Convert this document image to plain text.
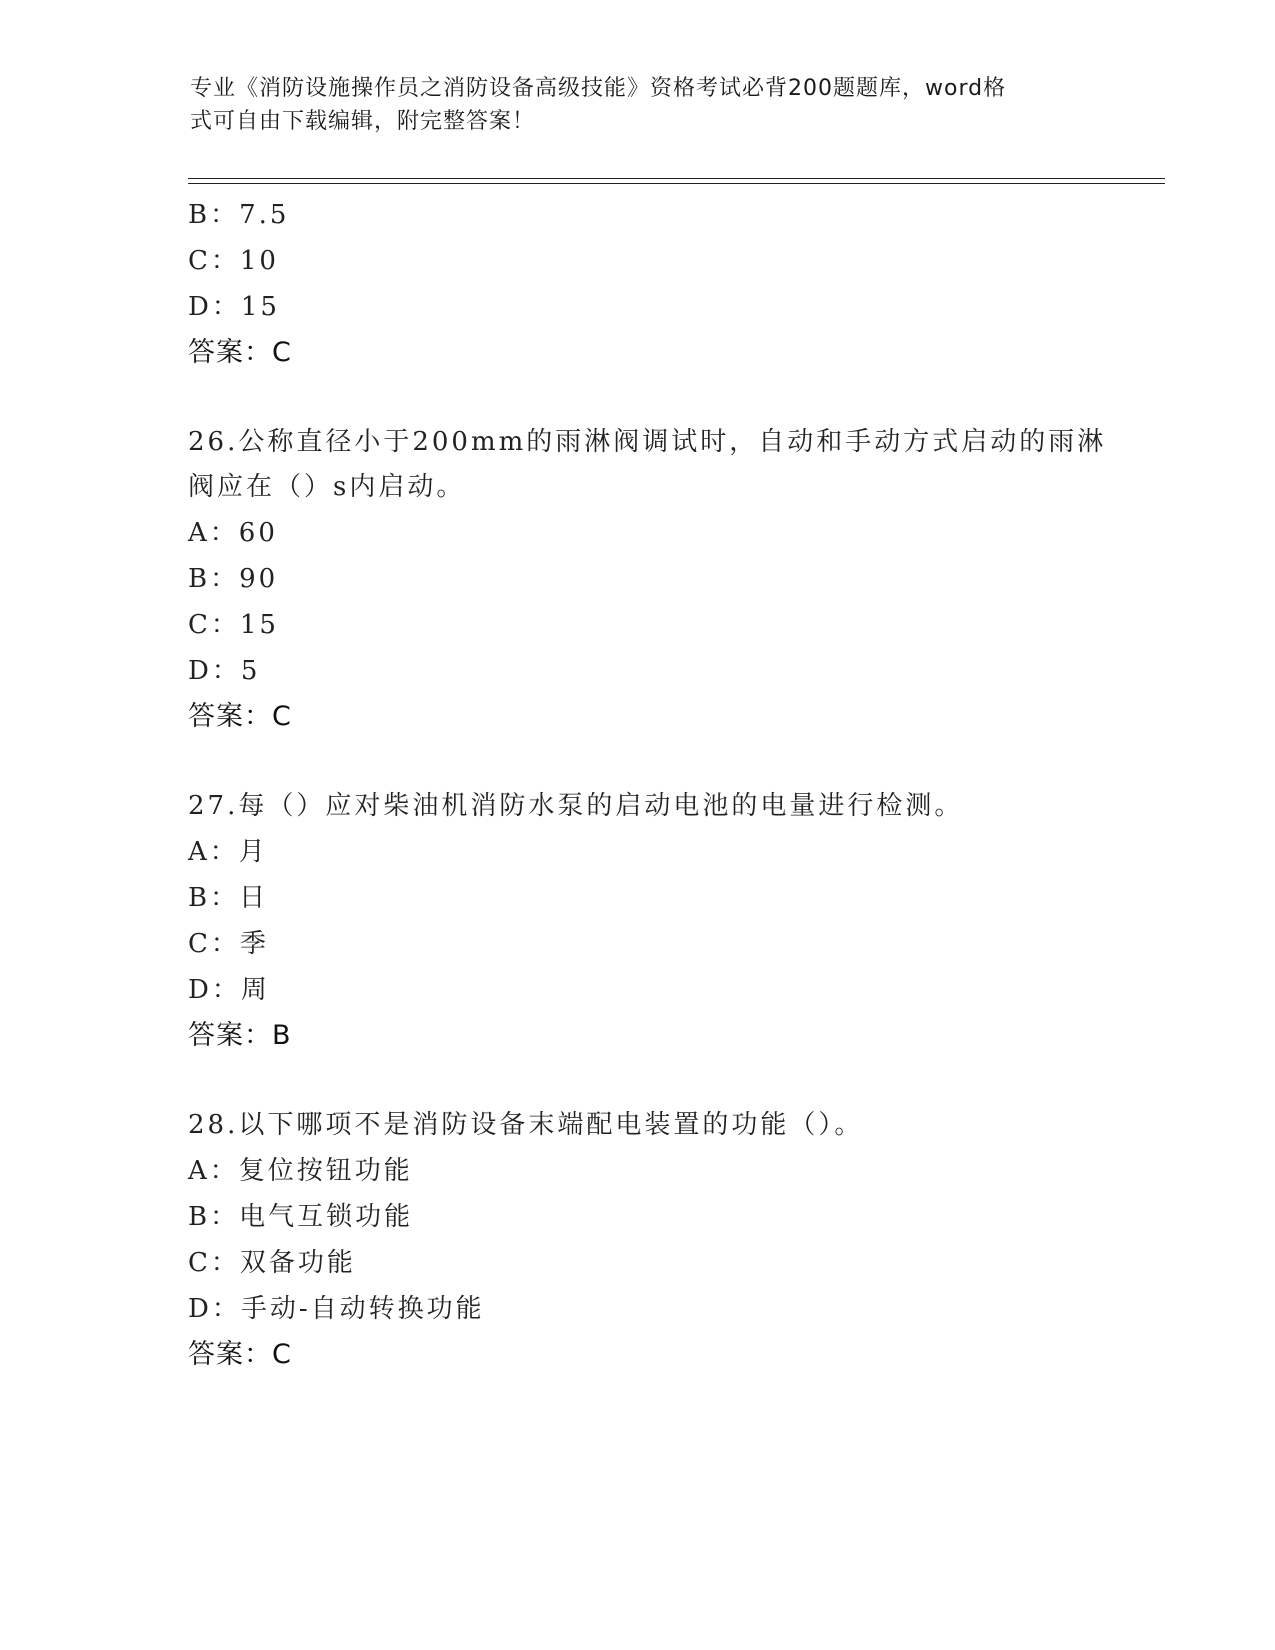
专业《消防设施操作员之消防设备高级技能》资格考试必背200题题库，word格
式可自由下载编辑，附完整答案！
B：7.5
C：10
D：15
答案：C
26.公称直径小于200mm的雨淋阀调试时，自动和手动方式启动的雨淋
阀应在（）s内启动。
A：60
B：90
C：15
D：5
答案：C
27.每（）应对柴油机消防水泵的启动电池的电量进行检测。
A：月
B：日
C：季
D：周
答案：B
28.以下哪项不是消防设备末端配电装置的功能（）。
A：复位按钮功能
B：电气互锁功能
C：双备功能
D：手动-自动转换功能
答案：C
